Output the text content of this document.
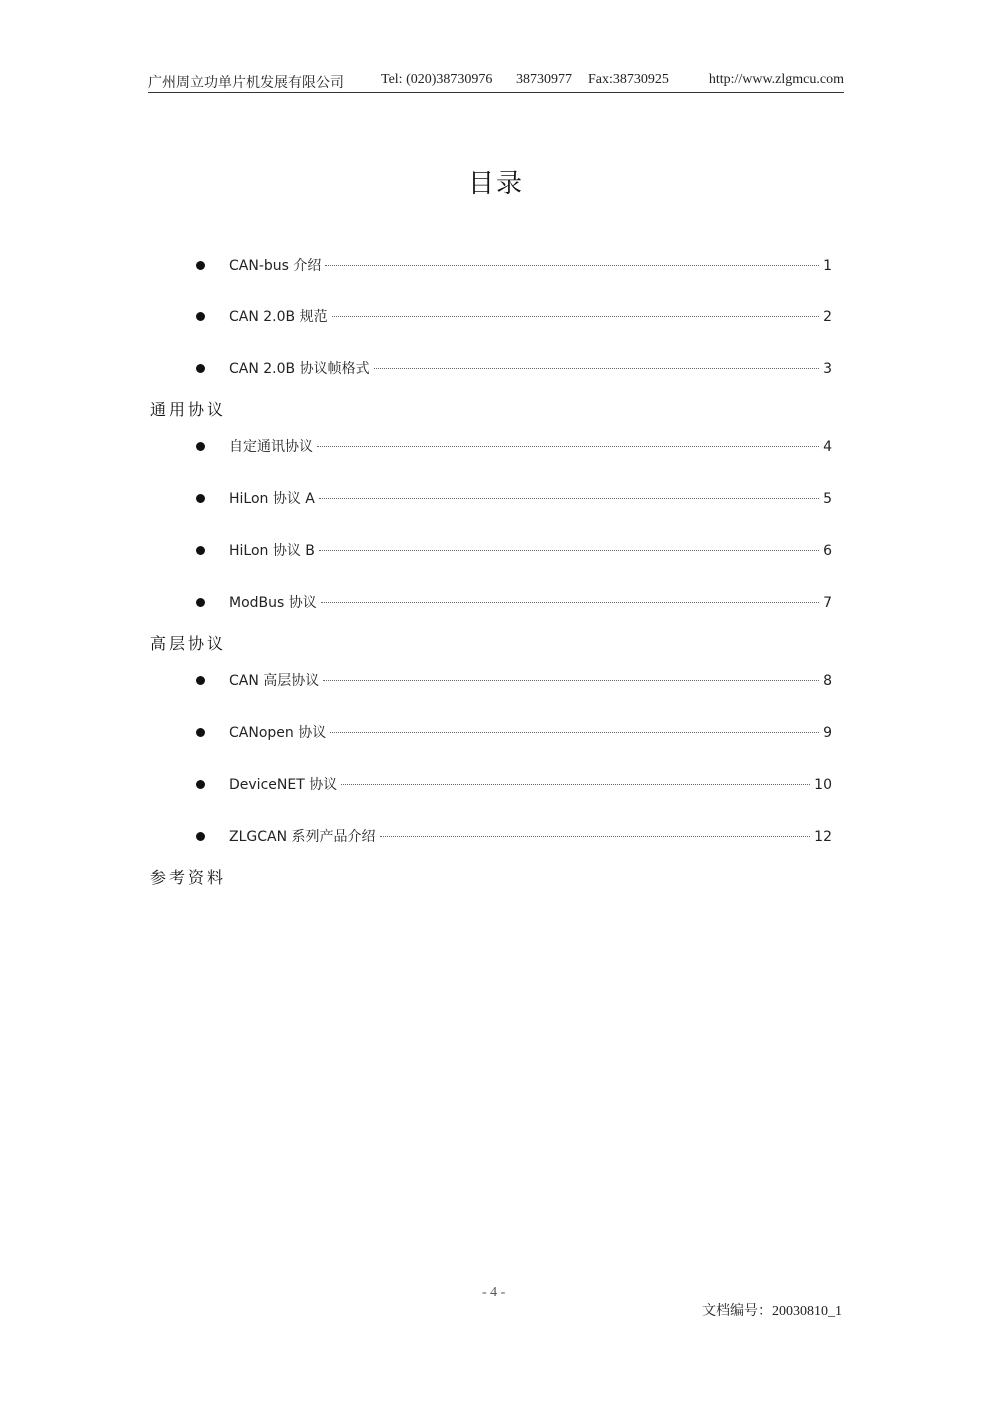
广州周立功单片机发展有限公司	Tel: (020)38730976 38730977 Fax:38730925	http://www.zlgmcu.com
目录
CAN-bus 介绍	1
CAN 2.0B 规范	2
CAN 2.0B 协议帧格式	3
通用协议
自定通讯协议	4
HiLon 协议 A	5
HiLon 协议 B	6
ModBus 协议	7
高层协议
CAN 高层协议	8
CANopen 协议	9
DeviceNET 协议	10
ZLGCAN 系列产品介绍	12
参考资料
- 4 -
文档编号：20030810_1
